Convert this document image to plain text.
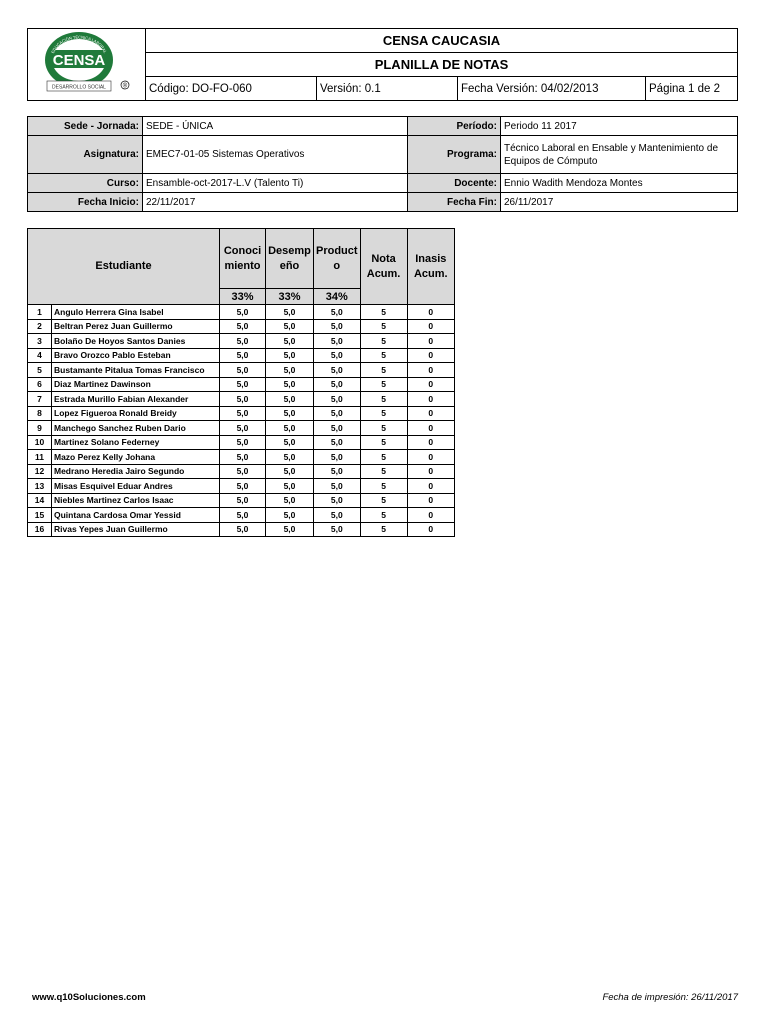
CENSA
EDUCACIÓN TÉCNICA LABORAL
DESARROLLO SOCIAL ®	CENSA CAUCASIA			
	PLANILLA DE NOTAS			
	Código: DO-FO-060	Versión: 0.1	Fecha Versión: 04/02/2013	Página 1 de 2
Sede - Jornada:	SEDE - ÚNICA	Período:	Periodo 11 2017
Asignatura:	EMEC7-01-05 Sistemas Operativos	Programa:	Técnico Laboral en Ensable y Mantenimiento de Equipos de Cómputo
Curso:	Ensamble-oct-2017-L.V (Talento Ti)	Docente:	Ennio Wadith Mendoza Montes
Fecha Inicio:	22/11/2017	Fecha Fin:	26/11/2017
Estudiante		Conoci miento	Desemp eño	Product o	Nota Acum.	Inasis Acum.
		33%	33%	34%		
1	Angulo Herrera Gina Isabel	5,0	5,0	5,0	5	0
2	Beltran Perez Juan Guillermo	5,0	5,0	5,0	5	0
3	Bolaño De Hoyos Santos Danies	5,0	5,0	5,0	5	0
4	Bravo Orozco Pablo Esteban	5,0	5,0	5,0	5	0
5	Bustamante Pitalua Tomas Francisco	5,0	5,0	5,0	5	0
6	Diaz Martinez Dawinson	5,0	5,0	5,0	5	0
7	Estrada Murillo Fabian Alexander	5,0	5,0	5,0	5	0
8	Lopez Figueroa Ronald Breidy	5,0	5,0	5,0	5	0
9	Manchego Sanchez Ruben Dario	5,0	5,0	5,0	5	0
10	Martinez Solano Federney	5,0	5,0	5,0	5	0
11	Mazo Perez Kelly Johana	5,0	5,0	5,0	5	0
12	Medrano Heredia Jairo Segundo	5,0	5,0	5,0	5	0
13	Misas Esquivel Eduar Andres	5,0	5,0	5,0	5	0
14	Niebles Martinez Carlos Isaac	5,0	5,0	5,0	5	0
15	Quintana Cardosa Omar Yessid	5,0	5,0	5,0	5	0
16	Rivas Yepes Juan Guillermo	5,0	5,0	5,0	5	0
www.q10Soluciones.com	Fecha de impresión: 26/11/2017
